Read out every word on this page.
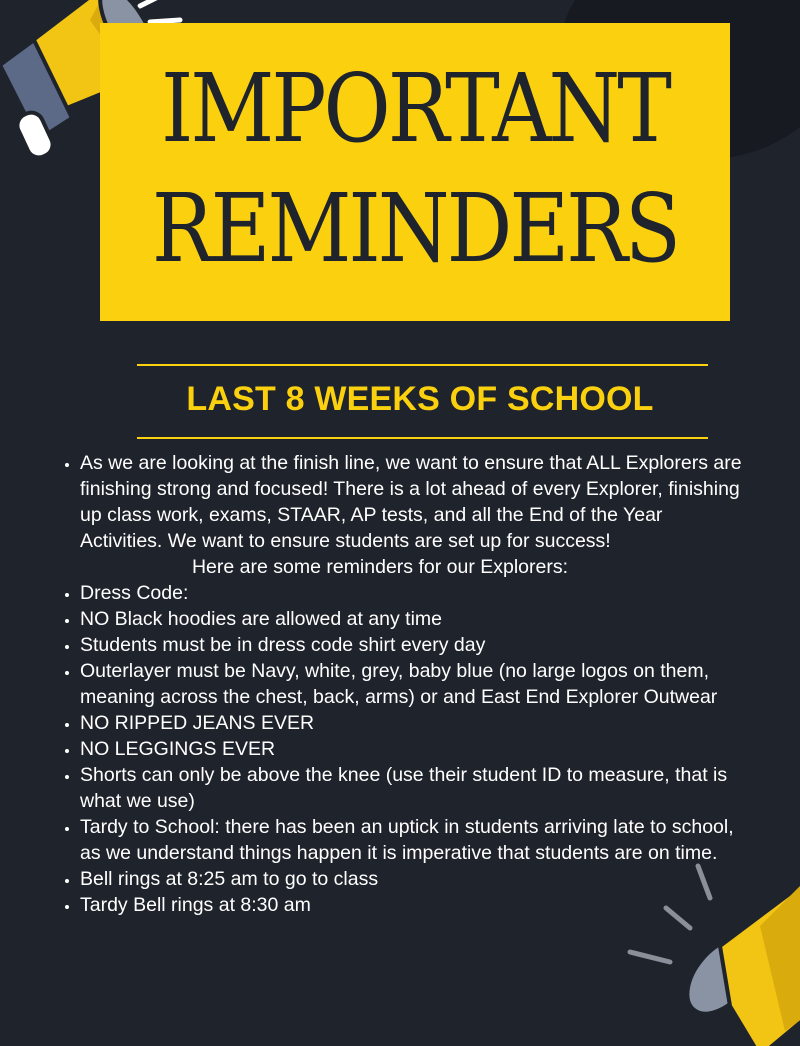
IMPORTANT
REMINDERS
LAST 8 WEEKS OF SCHOOL
• As we are looking at the finish line, we want to ensure that ALL Explorers are finishing strong and focused! There is a lot ahead of every Explorer, finishing up class work, exams, STAAR, AP tests, and all the End of the Year Activities. We want to ensure students are set up for success!
Here are some reminders for our Explorers:
• Dress Code:
• NO Black hoodies are allowed at any time
• Students must be in dress code shirt every day
• Outerlayer must be Navy, white, grey, baby blue (no large logos on them, meaning across the chest, back, arms) or and East End Explorer Outwear
• NO RIPPED JEANS EVER
• NO LEGGINGS EVER
• Shorts can only be above the knee (use their student ID to measure, that is what we use)
• Tardy to School: there has been an uptick in students arriving late to school, as we understand things happen it is imperative that students are on time.
• Bell rings at 8:25 am to go to class
• Tardy Bell rings at 8:30 am
